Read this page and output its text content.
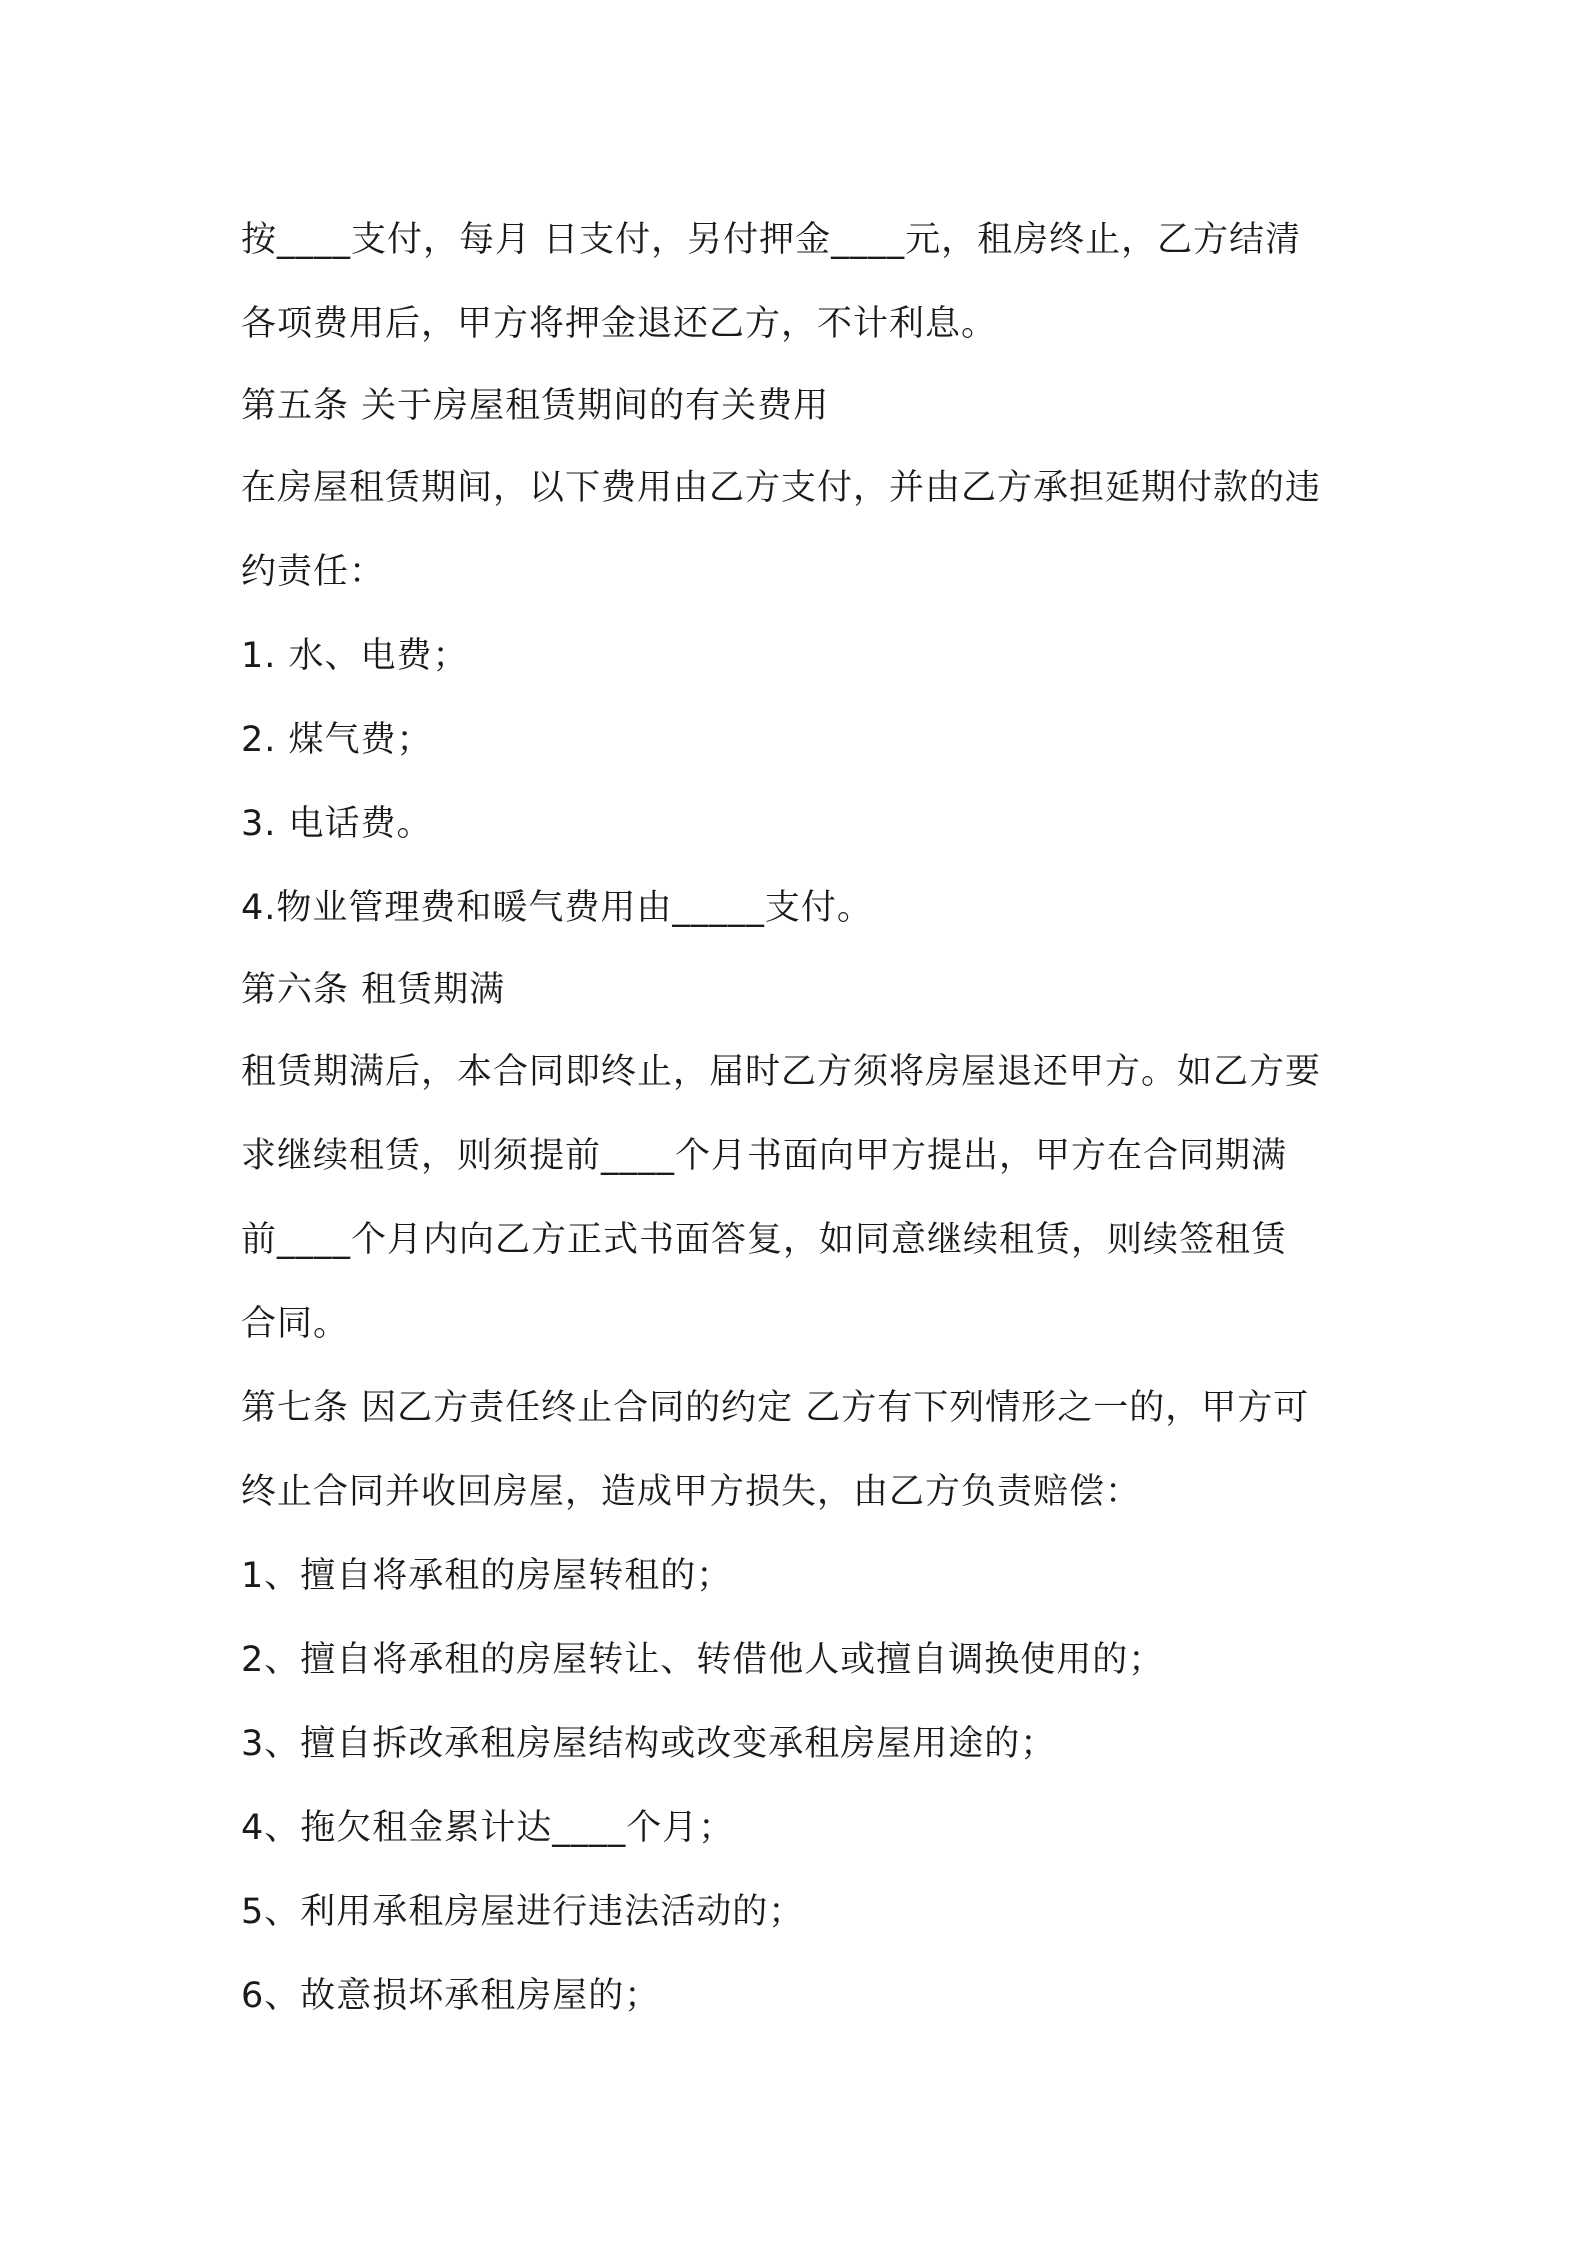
按____支付，每月 日支付，另付押金____元，租房终止，乙方结清

各项费用后，甲方将押金退还乙方，不计利息。

第五条 关于房屋租赁期间的有关费用

在房屋租赁期间，以下费用由乙方支付，并由乙方承担延期付款的违

约责任：

1. 水、电费；

2. 煤气费；

3. 电话费。

4.物业管理费和暖气费用由_____支付。

第六条 租赁期满

租赁期满后，本合同即终止，届时乙方须将房屋退还甲方。如乙方要

求继续租赁，则须提前____个月书面向甲方提出，甲方在合同期满

前____个月内向乙方正式书面答复，如同意继续租赁，则续签租赁

合同。

第七条 因乙方责任终止合同的约定 乙方有下列情形之一的，甲方可

终止合同并收回房屋，造成甲方损失，由乙方负责赔偿：

1、擅自将承租的房屋转租的；

2、擅自将承租的房屋转让、转借他人或擅自调换使用的；

3、擅自拆改承租房屋结构或改变承租房屋用途的；

4、拖欠租金累计达____个月；

5、利用承租房屋进行违法活动的；

6、故意损坏承租房屋的；
